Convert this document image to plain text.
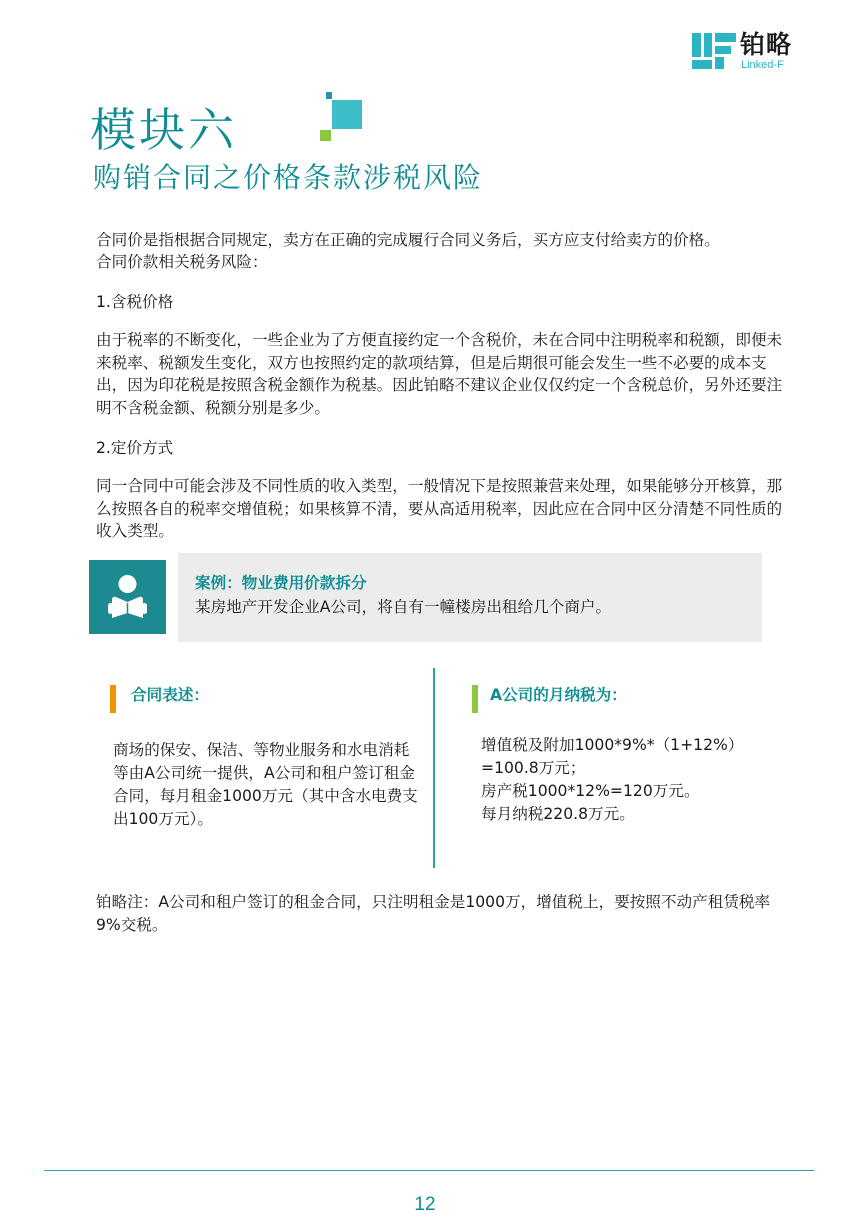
铂略
Linked-F
模块六
购销合同之价格条款涉税风险

合同价是指根据合同规定，卖方在正确的完成履行合同义务后，买方应支付给卖方的价格。

合同价款相关税务风险：

1.含税价格

由于税率的不断变化，一些企业为了方便直接约定一个含税价，未在合同中注明税率和税额，即便未来税率、税额发生变化，双方也按照约定的款项结算，但是后期很可能会发生一些不必要的成本支出，因为印花税是按照含税金额作为税基。因此铂略不建议企业仅仅约定一个含税总价，另外还要注明不含税金额、税额分别是多少。

2.定价方式

同一合同中可能会涉及不同性质的收入类型，一般情况下是按照兼营来处理，如果能够分开核算，那么按照各自的税率交增值税；如果核算不清，要从高适用税率，因此应在合同中区分清楚不同性质的收入类型。

案例：物业费用价款拆分
某房地产开发企业A公司，将自有一幢楼房出租给几个商户。
合同表述：

商场的保安、保洁、等物业服务和水电消耗等由A公司统一提供，A公司和租户签订租金合同，每月租金1000万元（其中含水电费支出100万元）。

A公司的月纳税为：
增值税及附加1000*9%*（1+12%）
=100.8万元；
房产税1000*12%=120万元。
每月纳税220.8万元。

铂略注：A公司和租户签订的租金合同，只注明租金是1000万，增值税上，要按照不动产租赁税率9%交税。

12
